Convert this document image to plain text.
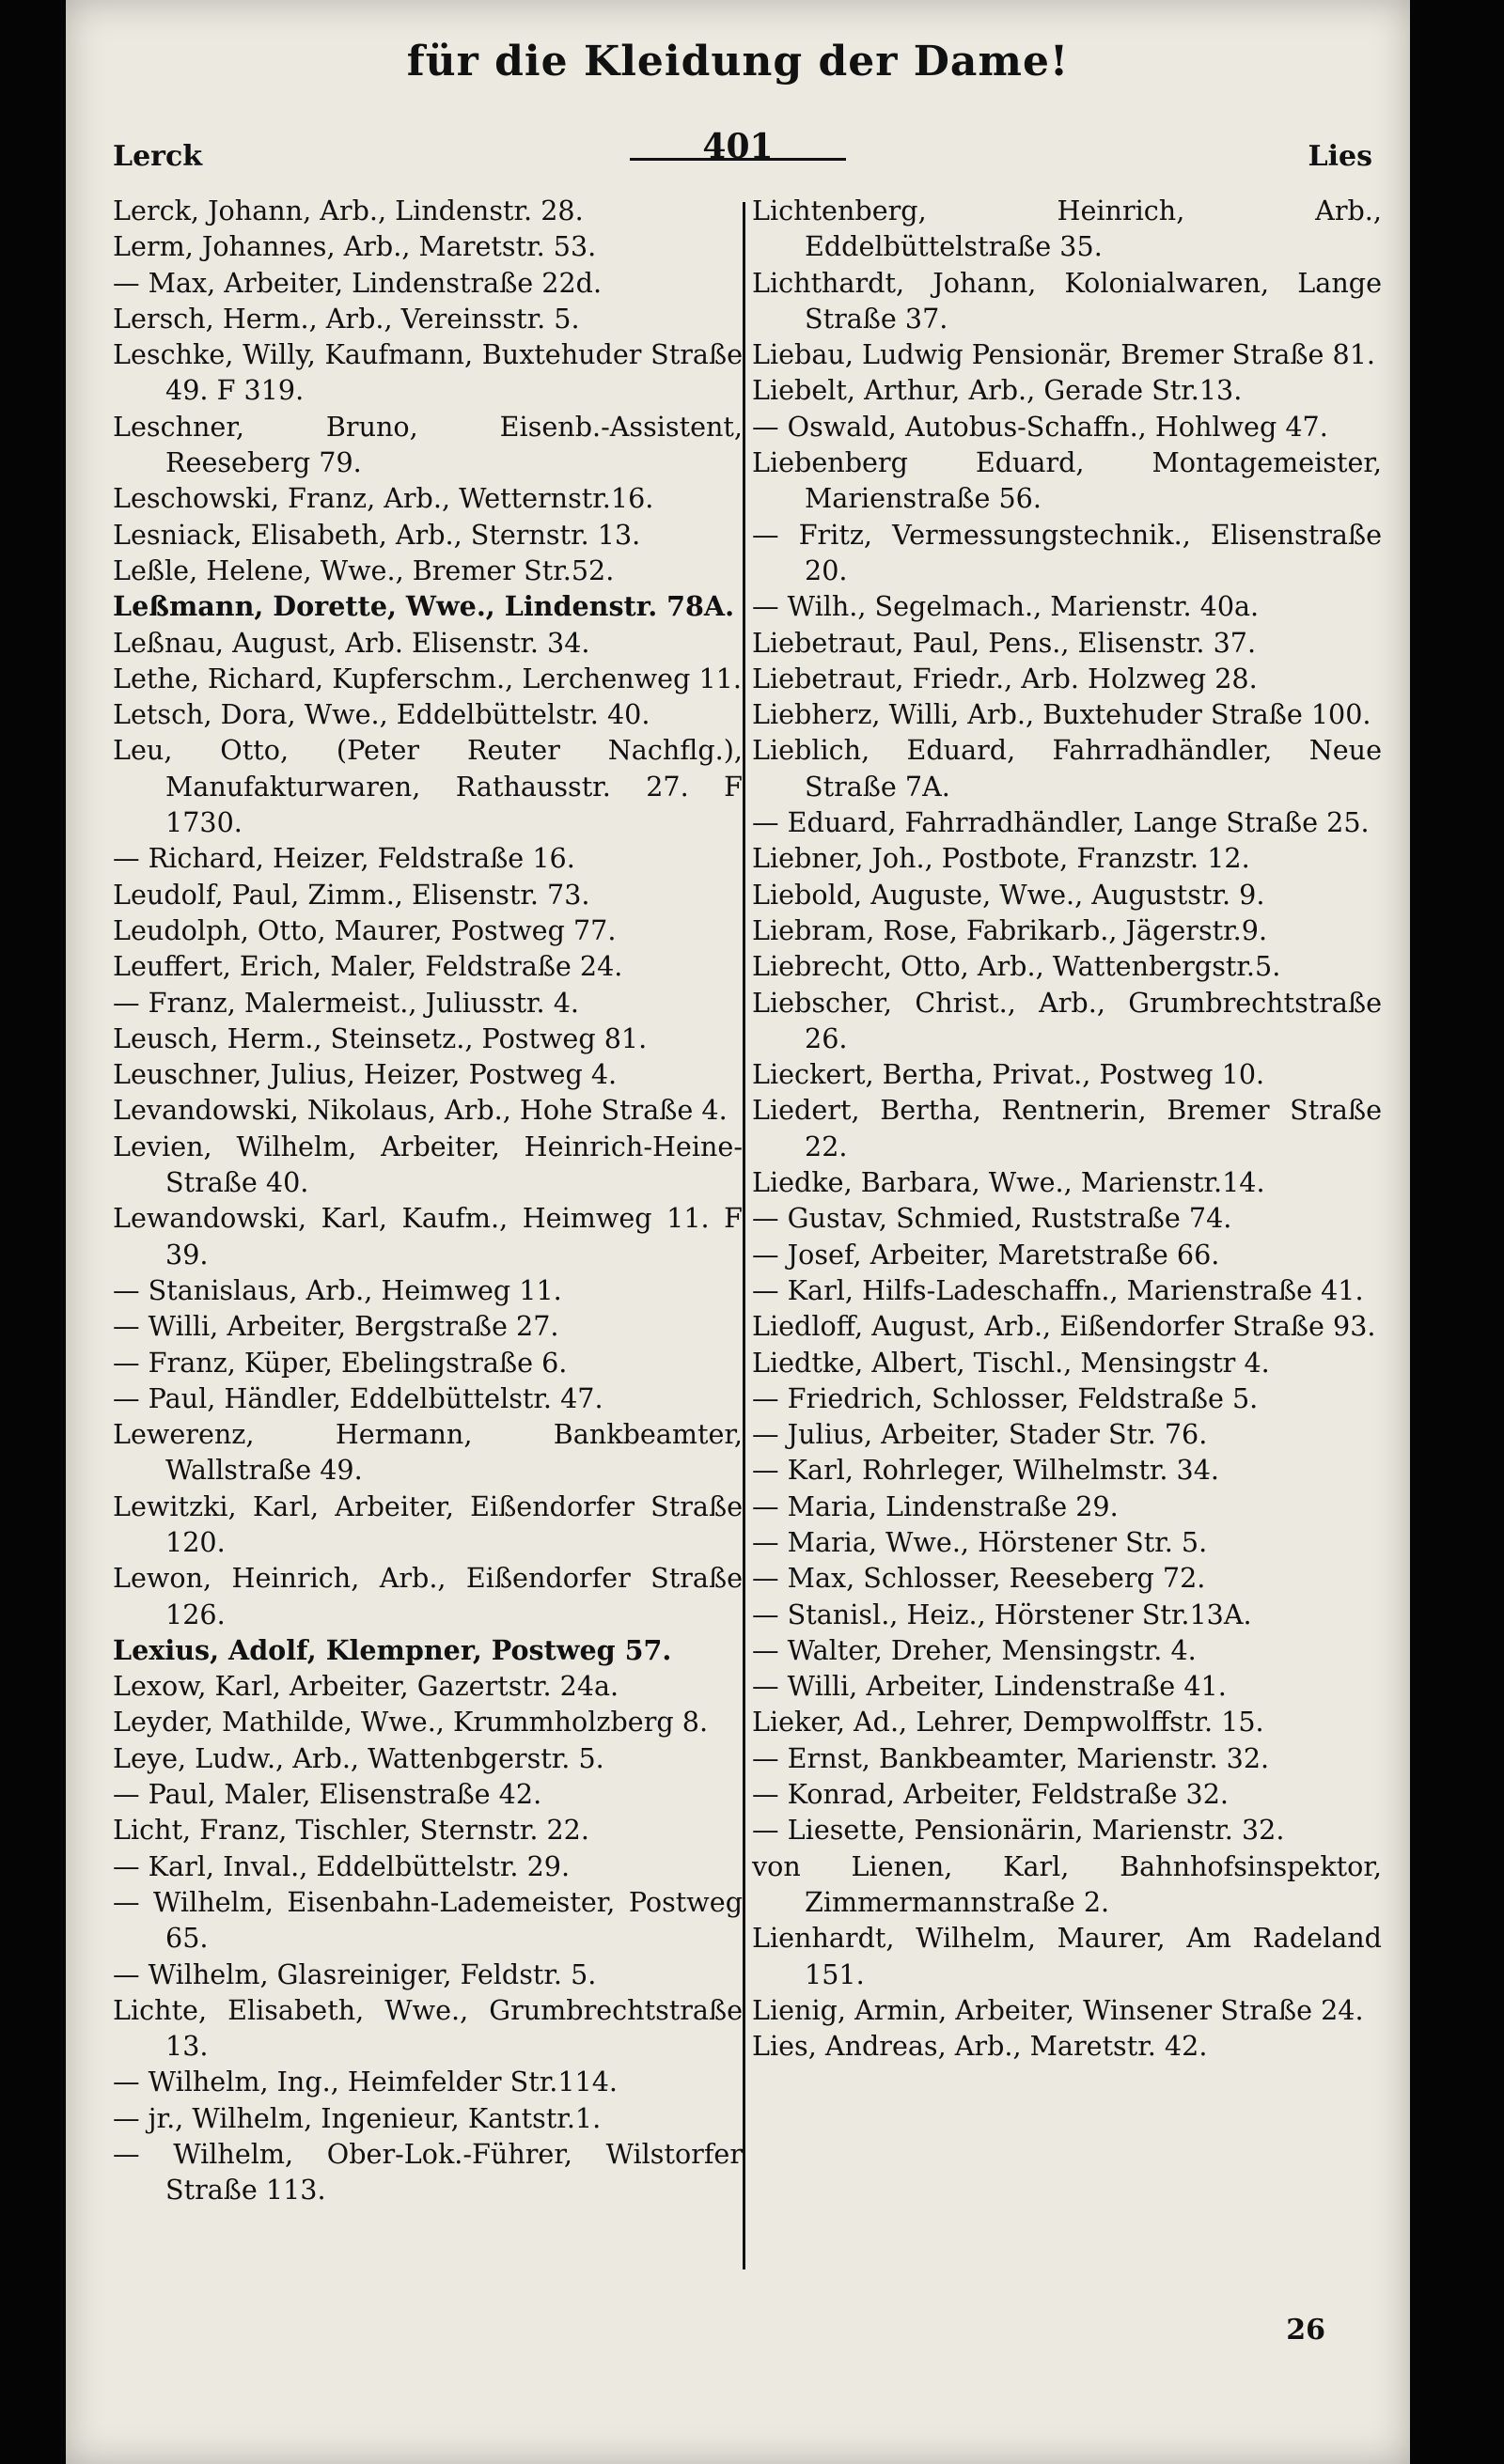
für die Kleidung der Dame!
Lerck	401	Lies
Lerck, Johann, Arb., Lindenstr. 28.
Lerm, Johannes, Arb., Maretstr. 53.
— Max, Arbeiter, Lindenstraße 22d.
Lersch, Herm., Arb., Vereinsstr. 5.
Leschke, Willy, Kaufmann, Buxtehuder Straße 49. F 319.
Leschner, Bruno, Eisenb.-Assistent, Reeseberg 79.
Leschowski, Franz, Arb., Wetternstr.16.
Lesniack, Elisabeth, Arb., Sternstr. 13.
Leßle, Helene, Wwe., Bremer Str.52.
Leßmann, Dorette, Wwe., Lindenstr. 78A.
Leßnau, August, Arb. Elisenstr. 34.
Lethe, Richard, Kupferschm., Lerchenweg 11.
Letsch, Dora, Wwe., Eddelbüttelstr. 40.
Leu, Otto, (Peter Reuter Nachflg.), Manufakturwaren, Rathausstr. 27. F 1730.
— Richard, Heizer, Feldstraße 16.
Leudolf, Paul, Zimm., Elisenstr. 73.
Leudolph, Otto, Maurer, Postweg 77.
Leuffert, Erich, Maler, Feldstraße 24.
— Franz, Malermeist., Juliusstr. 4.
Leusch, Herm., Steinsetz., Postweg 81.
Leuschner, Julius, Heizer, Postweg 4.
Levandowski, Nikolaus, Arb., Hohe Straße 4.
Levien, Wilhelm, Arbeiter, Heinrich-Heine-Straße 40.
Lewandowski, Karl, Kaufm., Heimweg 11. F 39.
— Stanislaus, Arb., Heimweg 11.
— Willi, Arbeiter, Bergstraße 27.
— Franz, Küper, Ebelingstraße 6.
— Paul, Händler, Eddelbüttelstr. 47.
Lewerenz, Hermann, Bankbeamter, Wallstraße 49.
Lewitzki, Karl, Arbeiter, Eißendorfer Straße 120.
Lewon, Heinrich, Arb., Eißendorfer Straße 126.
Lexius, Adolf, Klempner, Postweg 57.
Lexow, Karl, Arbeiter, Gazertstr. 24a.
Leyder, Mathilde, Wwe., Krummholzberg 8.
Leye, Ludw., Arb., Wattenbgerstr. 5.
— Paul, Maler, Elisenstraße 42.
Licht, Franz, Tischler, Sternstr. 22.
— Karl, Inval., Eddelbüttelstr. 29.
— Wilhelm, Eisenbahn-Lademeister, Postweg 65.
— Wilhelm, Glasreiniger, Feldstr. 5.
Lichte, Elisabeth, Wwe., Grumbrechtstraße 13.
— Wilhelm, Ing., Heimfelder Str.114.
— jr., Wilhelm, Ingenieur, Kantstr.1.
— Wilhelm, Ober-Lok.-Führer, Wilstorfer Straße 113.
Lichtenberg, Heinrich, Arb., Eddelbüttelstraße 35.
Lichthardt, Johann, Kolonialwaren, Lange Straße 37.
Liebau, Ludwig Pensionär, Bremer Straße 81.
Liebelt, Arthur, Arb., Gerade Str.13.
— Oswald, Autobus-Schaffn., Hohlweg 47.
Liebenberg Eduard, Montagemeister, Marienstraße 56.
— Fritz, Vermessungstechnik., Elisenstraße 20.
— Wilh., Segelmach., Marienstr. 40a.
Liebetraut, Paul, Pens., Elisenstr. 37.
Liebetraut, Friedr., Arb. Holzweg 28.
Liebherz, Willi, Arb., Buxtehuder Straße 100.
Lieblich, Eduard, Fahrradhändler, Neue Straße 7A.
— Eduard, Fahrradhändler, Lange Straße 25.
Liebner, Joh., Postbote, Franzstr. 12.
Liebold, Auguste, Wwe., Auguststr. 9.
Liebram, Rose, Fabrikarb., Jägerstr.9.
Liebrecht, Otto, Arb., Wattenbergstr.5.
Liebscher, Christ., Arb., Grumbrechtstraße 26.
Lieckert, Bertha, Privat., Postweg 10.
Liedert, Bertha, Rentnerin, Bremer Straße 22.
Liedke, Barbara, Wwe., Marienstr.14.
— Gustav, Schmied, Ruststraße 74.
— Josef, Arbeiter, Maretstraße 66.
— Karl, Hilfs-Ladeschaffn., Marienstraße 41.
Liedloff, August, Arb., Eißendorfer Straße 93.
Liedtke, Albert, Tischl., Mensingstr 4.
— Friedrich, Schlosser, Feldstraße 5.
— Julius, Arbeiter, Stader Str. 76.
— Karl, Rohrleger, Wilhelmstr. 34.
— Maria, Lindenstraße 29.
— Maria, Wwe., Hörstener Str. 5.
— Max, Schlosser, Reeseberg 72.
— Stanisl., Heiz., Hörstener Str.13A.
— Walter, Dreher, Mensingstr. 4.
— Willi, Arbeiter, Lindenstraße 41.
Lieker, Ad., Lehrer, Dempwolffstr. 15.
— Ernst, Bankbeamter, Marienstr. 32.
— Konrad, Arbeiter, Feldstraße 32.
— Liesette, Pensionärin, Marienstr. 32.
von Lienen, Karl, Bahnhofsinspektor, Zimmermannstraße 2.
Lienhardt, Wilhelm, Maurer, Am Radeland 151.
Lienig, Armin, Arbeiter, Winsener Straße 24.
Lies, Andreas, Arb., Maretstr. 42.
26
